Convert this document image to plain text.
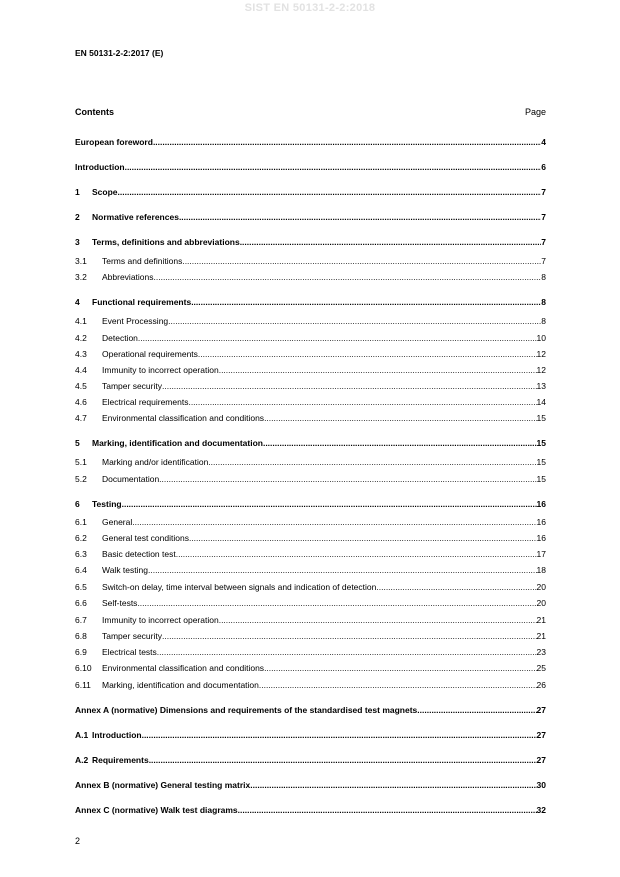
SIST EN 50131-2-2:2018
EN 50131-2-2:2017 (E)
Contents	Page
European foreword .....	4
Introduction .....	6
1	Scope .....	7
2	Normative references .....	7
3	Terms, definitions and abbreviations .....	7
3.1	Terms and definitions .....	7
3.2	Abbreviations .....	8
4	Functional requirements .....	8
4.1	Event Processing .....	8
4.2	Detection .....	10
4.3	Operational requirements .....	12
4.4	Immunity to incorrect operation .....	12
4.5	Tamper security .....	13
4.6	Electrical requirements .....	14
4.7	Environmental classification and conditions .....	15
5	Marking, identification and documentation .....	15
5.1	Marking and/or identification .....	15
5.2	Documentation .....	15
6	Testing .....	16
6.1	General .....	16
6.2	General test conditions .....	16
6.3	Basic detection test .....	17
6.4	Walk testing .....	18
6.5	Switch-on delay, time interval between signals and indication of detection .....	20
6.6	Self-tests .....	20
6.7	Immunity to incorrect operation .....	21
6.8	Tamper security .....	21
6.9	Electrical tests .....	23
6.10	Environmental classification and conditions .....	25
6.11	Marking, identification and documentation .....	26
Annex A (normative) Dimensions and requirements of the standardised test magnets .....	27
A.1 Introduction .....	27
A.2 Requirements .....	27
Annex B (normative) General testing matrix .....	30
Annex C (normative) Walk test diagrams .....	32
2
